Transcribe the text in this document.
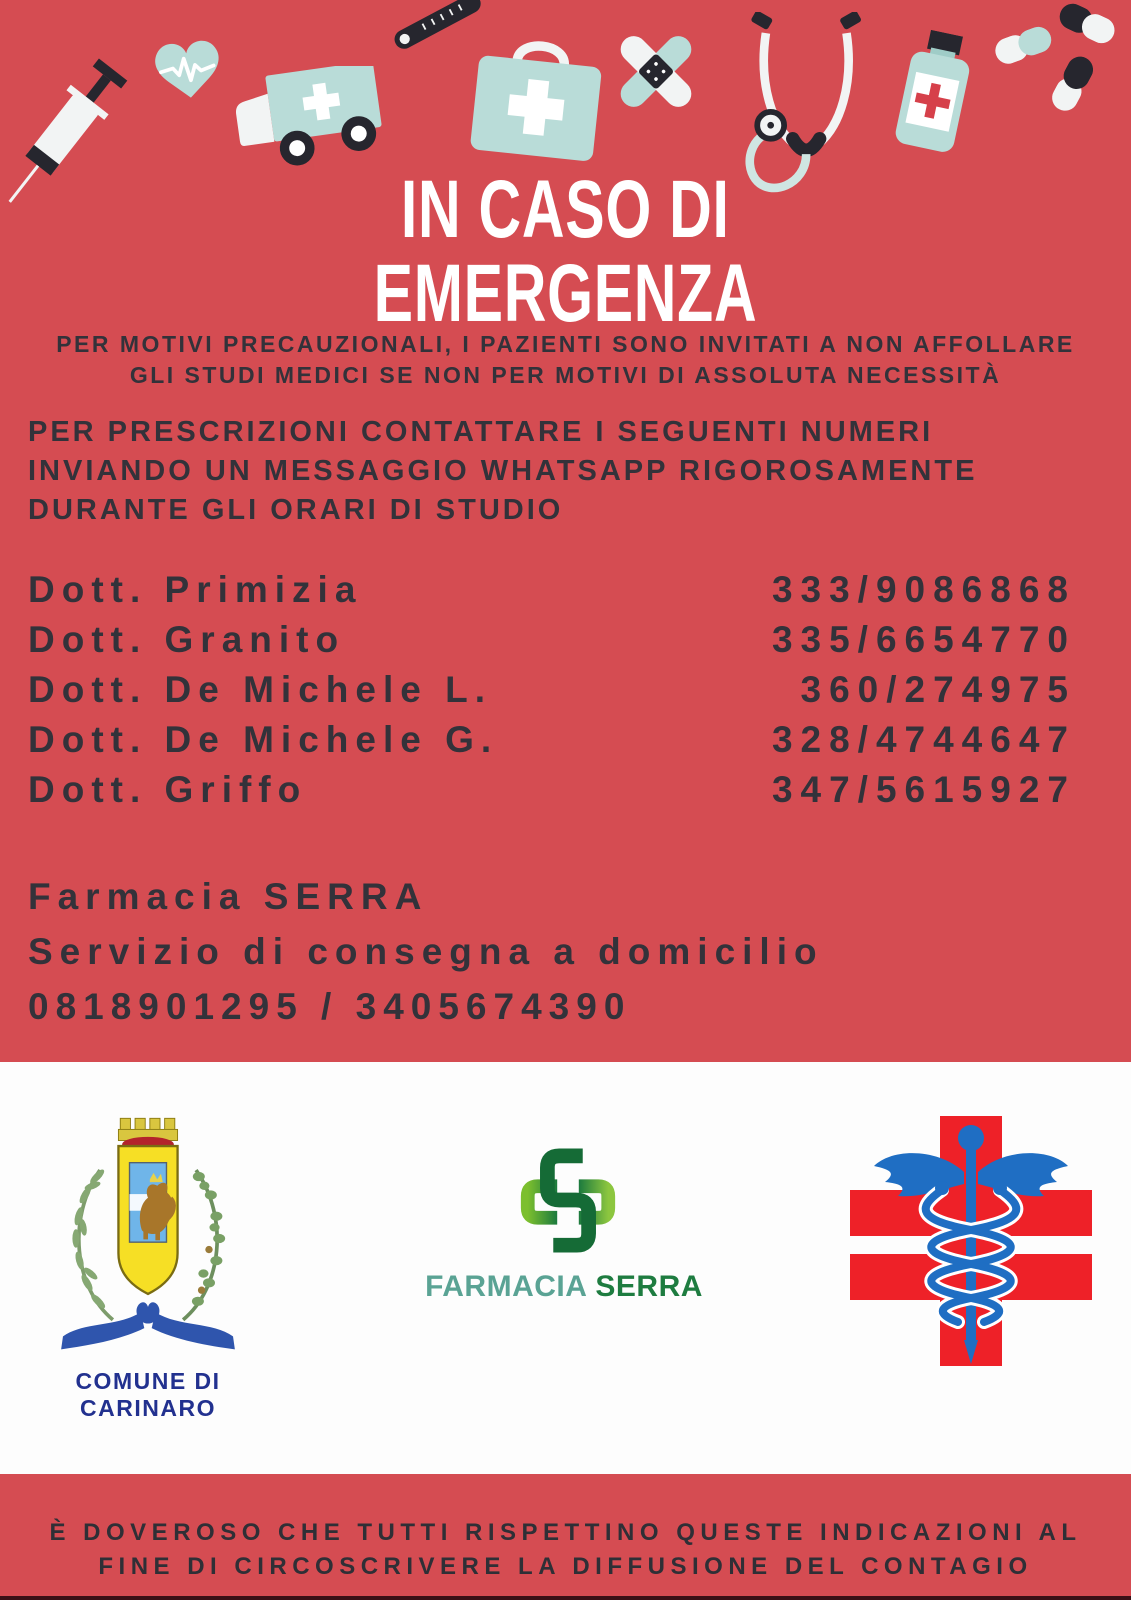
IN CASO DI
EMERGENZA
PER MOTIVI PRECAUZIONALI, I PAZIENTI SONO INVITATI A NON AFFOLLARE
GLI STUDI MEDICI SE NON PER MOTIVI DI ASSOLUTA NECESSITÀ
PER PRESCRIZIONI CONTATTARE I SEGUENTI NUMERI
INVIANDO UN MESSAGGIO WHATSAPP RIGOROSAMENTE
DURANTE GLI ORARI DI STUDIO
Dott. Primizia	333/9086868
Dott. Granito	335/6654770
Dott. De Michele L.	360/274975
Dott. De Michele G.	328/4744647
Dott. Griffo	347/5615927
Farmacia SERRA
Servizio di consegna a domicilio
0818901295 / 3405674390
COMUNE DI CARINARO
FARMACIA SERRA
È DOVEROSO CHE TUTTI RISPETTINO QUESTE INDICAZIONI AL
FINE DI CIRCOSCRIVERE LA DIFFUSIONE DEL CONTAGIO
